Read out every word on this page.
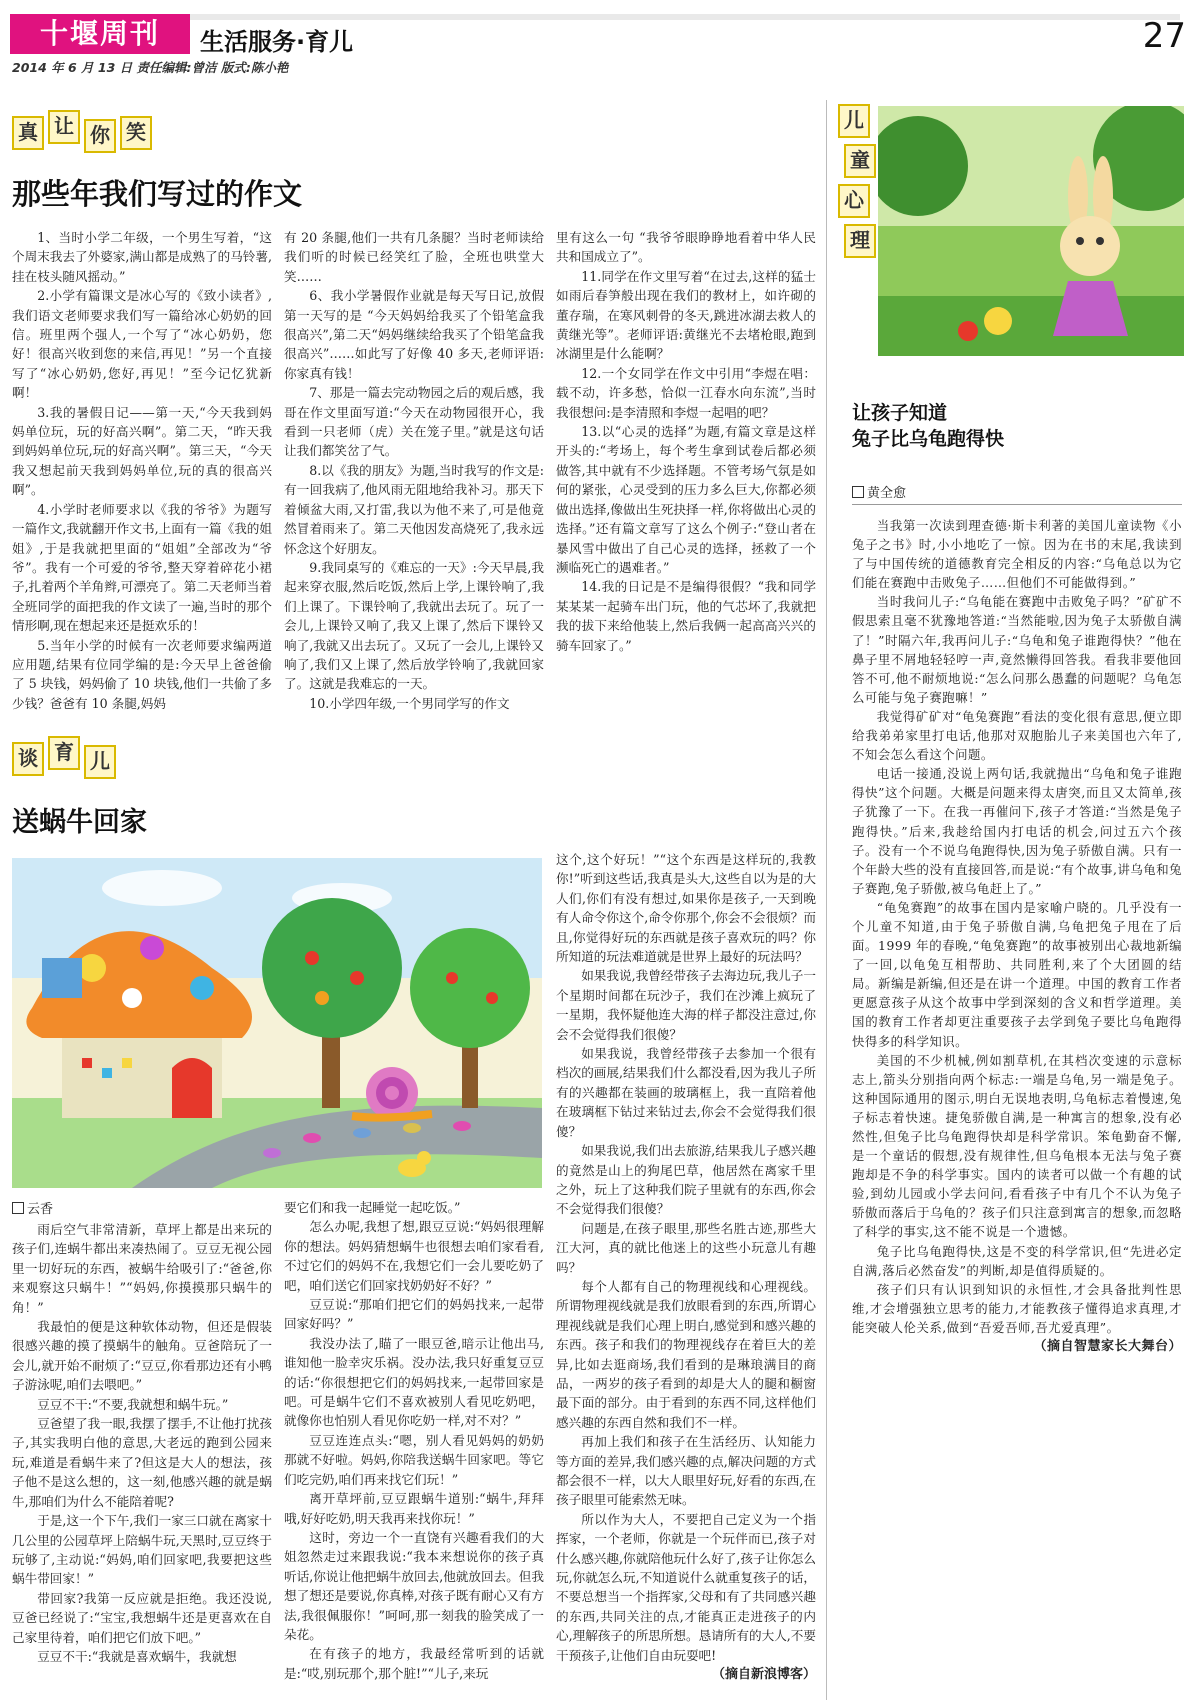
十堰周刊	生活服务·育儿	27
2014 年 6 月 13 日 责任编辑:曾洁 版式:陈小艳
真 让 你 笑
那些年我们写过的作文

1、当时小学二年级，一个男生写着，“这个周末我去了外婆家,满山都是成熟了的马铃薯,挂在枝头随风摇动。”

2.小学有篇课文是冰心写的《致小读者》,我们语文老师要求我们写一篇给冰心奶奶的回信。班里两个强人,一个写了“冰心奶奶，您好！很高兴收到您的来信,再见！”另一个直接写了“冰心奶奶,您好,再见！”至今记忆犹新啊！

3.我的暑假日记——第一天,“今天我到妈妈单位玩，玩的好高兴啊”。第二天，“昨天我到妈妈单位玩,玩的好高兴啊”。第三天，“今天我又想起前天我到妈妈单位,玩的真的很高兴啊”。

4.小学时老师要求以《我的爷爷》为题写一篇作文,我就翻开作文书,上面有一篇《我的姐姐》,于是我就把里面的“姐姐”全部改为“爷爷”。我有一个可爱的爷爷,整天穿着碎花小裙子,扎着两个羊角辫,可漂亮了。第二天老师当着全班同学的面把我的作文读了一遍,当时的那个情形啊,现在想起来还是挺欢乐的！

5.当年小学的时候有一次老师要求编两道应用题,结果有位同学编的是:今天早上爸爸偷了 5 块钱，妈妈偷了 10 块钱,他们一共偷了多少钱？爸爸有 10 条腿,妈妈

有 20 条腿,他们一共有几条腿？当时老师读给我们听的时候已经笑红了脸，全班也哄堂大笑……

6、我小学暑假作业就是每天写日记,放假第一天写的是 “今天妈妈给我买了个铅笔盒我很高兴”,第二天“妈妈继续给我买了个铅笔盒我很高兴”……如此写了好像 40 多天,老师评语:你家真有钱！

7、那是一篇去完动物园之后的观后感，我哥在作文里面写道:“今天在动物园很开心，我看到一只老师（虎）关在笼子里。”就是这句话让我们都笑岔了气。

8.以《我的朋友》为题,当时我写的作文是:有一回我病了,他风雨无阻地给我补习。那天下着倾盆大雨,又打雷,我以为他不来了,可是他竟然冒着雨来了。第二天他因发高烧死了,我永远怀念这个好朋友。

9.我同桌写的《难忘的一天》:今天早晨,我起来穿衣服,然后吃饭,然后上学,上课铃响了,我们上课了。下课铃响了,我就出去玩了。玩了一会儿,上课铃又响了,我又上课了,然后下课铃又响了,我就又出去玩了。又玩了一会儿,上课铃又响了,我们又上课了,然后放学铃响了,我就回家了。这就是我难忘的一天。

10.小学四年级,一个男同学写的作文

里有这么一句 “我爷爷眼睁睁地看着中华人民共和国成立了”。

11.同学在作文里写着“在过去,这样的猛士如雨后春笋般出现在我们的教材上，如许砌的董存瑞，在寒风刺骨的冬天,跳进冰湖去救人的黄继光等”。老师评语:黄继光不去堵枪眼,跑到冰湖里是什么能啊？

12.一个女同学在作文中引用“李煜在唱：载不动，许多愁，恰似一江春水向东流”,当时我很想问:是李清照和李煜一起唱的吧？

13.以“心灵的选择”为题,有篇文章是这样开头的:“考场上，每个考生拿到试卷后都必须做答,其中就有不少选择题。不管考场气氛是如何的紧张，心灵受到的压力多么巨大,你都必须做出选择,像做出生死抉择一样,你将做出心灵的选择。”还有篇文章写了这么个例子:“登山者在暴风雪中做出了自己心灵的选择，拯救了一个濒临死亡的遇难者。”

14.我的日记是不是编得很假？“我和同学某某某一起骑车出门玩，他的气芯坏了,我就把我的拔下来给他装上,然后我俩一起高高兴兴的骑车回家了。”

谈 育 儿
送蜗牛回家
云香

雨后空气非常清新，草坪上都是出来玩的孩子们,连蜗牛都出来凑热闹了。豆豆无视公园里一切好玩的东西，被蜗牛给吸引了:“爸爸,你来观察这只蜗牛！”“妈妈,你摸摸那只蜗牛的角！”

我最怕的便是这种软体动物，但还是假装很感兴趣的摸了摸蜗牛的触角。豆爸陪玩了一会儿,就开始不耐烦了:“豆豆,你看那边还有小鸭子游泳呢,咱们去喂吧。”

豆豆不干:“不要,我就想和蜗牛玩。”

豆爸望了我一眼,我摆了摆手,不让他打扰孩子,其实我明白他的意思,大老远的跑到公园来玩,难道是看蜗牛来了?但这是大人的想法，孩子他不是这么想的，这一刻,他感兴趣的就是蜗牛,那咱们为什么不能陪着呢?

于是,这一个下午,我们一家三口就在离家十几公里的公园草坪上陪蜗牛玩,天黑时,豆豆终于玩够了,主动说:“妈妈,咱们回家吧,我要把这些蜗牛带回家！”

带回家?我第一反应就是拒绝。我还没说,豆爸已经说了:“宝宝,我想蜗牛还是更喜欢在自己家里待着，咱们把它们放下吧。”

豆豆不干:“我就是喜欢蜗牛，我就想

要它们和我一起睡觉一起吃饭。”

怎么办呢,我想了想,跟豆豆说:“妈妈很理解你的想法。妈妈猜想蜗牛也很想去咱们家看看,不过它们的妈妈不在,我想它们一会儿要吃奶了吧，咱们送它们回家找奶奶好不好？”

豆豆说:“那咱们把它们的妈妈找来,一起带回家好吗？”

我没办法了,瞄了一眼豆爸,暗示让他出马,谁知他一脸幸灾乐祸。没办法,我只好重复豆豆的话:“你很想把它们的妈妈找来,一起带回家是吧。可是蜗牛它们不喜欢被别人看见吃奶吧，就像你也怕别人看见你吃奶一样,对不对？”

豆豆连连点头:“嗯，别人看见妈妈的奶奶那就不好啦。妈妈,你陪我送蜗牛回家吧。等它们吃完奶,咱们再来找它们玩！”

离开草坪前,豆豆跟蜗牛道别:“蜗牛,拜拜哦,好好吃奶,明天我再来找你玩！”

这时，旁边一个一直饶有兴趣看我们的大姐忽然走过来跟我说:“我本来想说你的孩子真听话,你说让他把蜗牛放回去,他就放回去。但我想了想还是要说,你真棒,对孩子既有耐心又有方法,我很佩服你！”呵呵,那一刻我的脸笑成了一朵花。

在有孩子的地方，我最经常听到的话就是:“哎,别玩那个,那个脏!”“儿子,来玩

这个,这个好玩！”“这个东西是这样玩的,我教你!”听到这些话,我真是头大,这些自以为是的大人们,你们有没有想过,如果你是孩子,一天到晚有人命令你这个,命令你那个,你会不会很烦？而且,你觉得好玩的东西就是孩子喜欢玩的吗？你所知道的玩法难道就是世界上最好的玩法吗？

如果我说,我曾经带孩子去海边玩,我儿子一个星期时间都在玩沙子，我们在沙滩上疯玩了一星期，我怀疑他连大海的样子都没注意过,你会不会觉得我们很傻？

如果我说，我曾经带孩子去参加一个很有档次的画展,结果我们什么都没看,因为我儿子所有的兴趣都在装画的玻璃框上，我一直陪着他在玻璃框下钻过来钻过去,你会不会觉得我们很傻？

如果我说,我们出去旅游,结果我儿子感兴趣的竟然是山上的狗尾巴草，他居然在离家千里之外，玩上了这种我们院子里就有的东西,你会不会觉得我们很傻？

问题是,在孩子眼里,那些名胜古迹,那些大江大河，真的就比他迷上的这些小玩意儿有趣吗？

每个人都有自己的物理视线和心理视线。所谓物理视线就是我们放眼看到的东西,所谓心理视线就是我们心理上明白,感觉到和感兴趣的东西。孩子和我们的物理视线存在着巨大的差异,比如去逛商场,我们看到的是琳琅满目的商品，一两岁的孩子看到的却是大人的腿和橱窗最下面的部分。由于看到的东西不同,这样他们感兴趣的东西自然和我们不一样。

再加上我们和孩子在生活经历、认知能力等方面的差异,我们感兴趣的点,解决问题的方式都会很不一样，以大人眼里好玩,好看的东西,在孩子眼里可能索然无味。

所以作为大人，不要把自己定义为一个指挥家，一个老师，你就是一个玩伴而已,孩子对什么感兴趣,你就陪他玩什么好了,孩子让你怎么玩,你就怎么玩,不知道说什么就重复孩子的话，不要总想当一个指挥家,父母和有了共同感兴趣的东西,共同关注的点,才能真正走进孩子的内心,理解孩子的所思所想。恳请所有的大人,不要干预孩子,让他们自由玩耍吧!

（摘自新浪博客）

儿
童
心
理
让孩子知道
兔子比乌龟跑得快
黄全愈

当我第一次读到理查德·斯卡利著的美国儿童读物《小兔子之书》时,小小地吃了一惊。因为在书的末尾,我读到了与中国传统的道德教育完全相反的内容:“乌龟总以为它们能在赛跑中击败兔子……但他们不可能做得到。”

当时我问儿子:“乌龟能在赛跑中击败兔子吗？”矿矿不假思索且毫不犹豫地答道:“当然能啦,因为兔子太骄傲自满了！”时隔六年,我再问儿子:“乌龟和兔子谁跑得快？”他在鼻子里不屑地轻轻哼一声,竟然懒得回答我。看我非要他回答不可,他不耐烦地说:“怎么问那么愚蠢的问题呢？乌龟怎么可能与兔子赛跑嘛！”

我觉得矿矿对“龟兔赛跑”看法的变化很有意思,便立即给我弟弟家里打电话,他那对双胞胎儿子来美国也六年了,不知会怎么看这个问题。

电话一接通,没说上两句话,我就抛出“乌龟和兔子谁跑得快”这个问题。大概是问题来得太唐突,而且又太简单,孩子犹豫了一下。在我一再催问下,孩子才答道:“当然是兔子跑得快。”后来,我趁给国内打电话的机会,问过五六个孩子。没有一个不说乌龟跑得快,因为兔子骄傲自满。只有一个年龄大些的没有直接回答,而是说:“有个故事,讲乌龟和兔子赛跑,兔子骄傲,被乌龟赶上了。”

“龟兔赛跑”的故事在国内是家喻户晓的。几乎没有一个儿童不知道,由于兔子骄傲自满,乌龟把兔子甩在了后面。1999 年的春晚,“龟兔赛跑”的故事被别出心裁地新编了一回,以龟兔互相帮助、共同胜利,来了个大团圆的结局。新编是新编,但还是在讲一个道理。中国的教育工作者更愿意孩子从这个故事中学到深刻的含义和哲学道理。美国的教育工作者却更注重要孩子去学到兔子要比乌龟跑得快得多的科学知识。

美国的不少机械,例如割草机,在其档次变速的示意标志上,箭头分别指向两个标志:一端是乌龟,另一端是兔子。这种国际通用的图示,明白无误地表明,乌龟标志着慢速,兔子标志着快速。捷兔骄傲自满,是一种寓言的想象,没有必然性,但兔子比乌龟跑得快却是科学常识。笨龟勤奋不懈,是一个童话的假想,没有规律性,但乌龟根本无法与兔子赛跑却是不争的科学事实。国内的读者可以做一个有趣的试验,到幼儿园或小学去问问,看看孩子中有几个不认为兔子骄傲而落后于乌龟的？孩子们只注意到寓言的想象,而忽略了科学的事实,这不能不说是一个遗憾。

兔子比乌龟跑得快,这是不变的科学常识,但“先进必定自满,落后必然奋发”的判断,却是值得质疑的。

孩子们只有认识到知识的永恒性,才会具备批判性思维,才会增强独立思考的能力,才能教孩子懂得追求真理,才能突破人伦关系,做到“吾爱吾师,吾尤爱真理”。

（摘自智慧家长大舞台）
